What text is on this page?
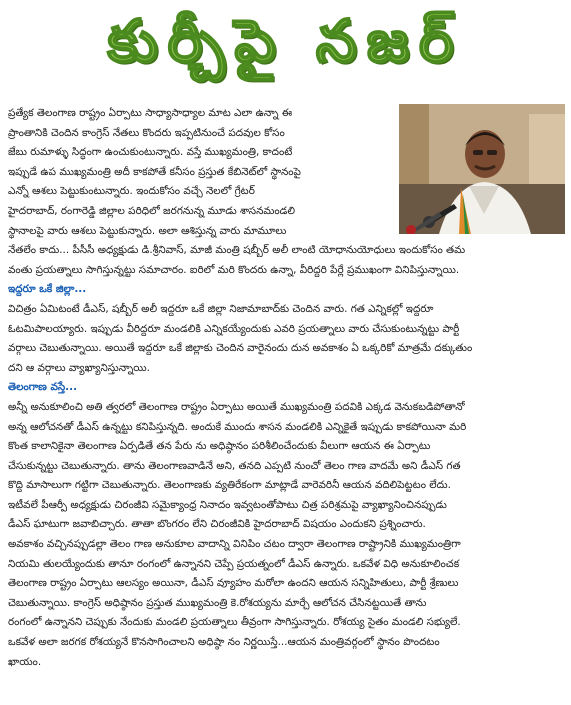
కుర్చీపై నజర్
ప్రత్యేక తెలంగాణ రాష్ట్రం ఏర్పాటు సాధ్యాసాధ్యాల మాట ఎలా ఉన్నా ఈ
ప్రాంతానికి చెందిన కాంగ్రెస్ నేతలు కొందరు ఇప్పటినుంచే పదవుల కోసం
జేబు రుమాళ్ళు సిద్ధంగా ఉంచుకుంటున్నారు. వస్తే ముఖ్యమంత్రి, కాదంటే
ఇప్పుడే ఉప ముఖ్యమంత్రి అదీ కాకపోతే కనీసం ప్రస్తుత కేబినెట్‌లో స్థానంపై
ఎన్నో ఆశలు పెట్టుకుంటున్నారు. ఇందుకోసం వచ్చే నెలలో గ్రేటర్
హైదరాబాద్, రంగారెడ్డి జిల్లాల పరిధిలో జరగనున్న మూడు శాసనమండలి
స్థానాలపై వారు ఆశలు పెట్టుకున్నారు. అలా ఆశిస్తున్న వారు మామూలు
నేతలేం కాదు... పీసీసీ అధ్యక్షుడు డి.శ్రీనివాస్, మాజీ మంత్రి షబ్బీర్ అలీ లాంటి యోధానుయోధులు ఇందుకోసం తమ
వంతు ప్రయత్నాలు సాగిస్తున్నట్టు సమాచారం. ఐరిలో మరి కొందరు ఉన్నా, వీరిద్దరి పేర్లే ప్రముఖంగా వినిపిస్తున్నాయి.
ఇద్దరూ ఒకే జిల్లా...
విచిత్రం ఏమిటంటే డీఎస్, షబ్బీర్ అలీ ఇద్దరూ ఒకే జిల్లా నిజామాబాద్‌కు చెందిన వారు. గత ఎన్నికల్లో ఇద్దరూ
ఓటమిపాలయ్యారు. ఇప్పుడు వీరిద్దరూ మండలికి ఎన్నికయ్యేందుకు ఎవరి ప్రయత్నాలు వారు చేసుకుంటున్నట్టు పార్టీ
వర్గాలు చెబుతున్నాయి. అయితే ఇద్దరూ ఒకే జిల్లాకు చెందిన వారైనందు దున అవకాశం ఏ ఒక్కరికో మాత్రమే దక్కుతుం
దని ఆ వర్గాలు వ్యాఖ్యానిస్తున్నాయి.
తెలంగాణ వస్తే...
అన్నీ అనుకూలించి అతి త్వరలో తెలంగాణ రాష్ట్రం ఏర్పాటు అయితే ముఖ్యమంత్రి పదవికి ఎక్కడ వెనుకబడిపోతానో
అన్న ఆలోచనతో డీఎస్ ఉన్నట్టు కనిపిస్తున్నది. అందుకే ముందు శాసన మండలికి ఎన్నికైతే ఇప్పుడు కాకపోయినా మరి
కొంత కాలానికైనా తెలంగాణ ఏర్పడితే తన పేరు ను అధిష్ఠానం పరిశీలించేందుకు వీలుగా ఆయన ఈ ఏర్పాటు
చేసుకున్నట్టు చెబుతున్నారు. తాను తెలంగాణవాడినే అని, తనది ఎప్పటి నుంచో తెలం గాణ వాదమే అని డీఎస్ గత
కొద్ది మాసాలుగా గట్టిగా చెబుతున్నారు. తెలంగాణకు వ్యతిరేకంగా మాట్లాడే వారెవరినీ ఆయన వదిలిపెట్టటం లేదు.
ఇటీవలే పీఆర్పీ అధ్యక్షుడు చిరంజీవి సమైక్యాంధ్ర నినాదం ఇవ్వటంతోపాటు చిత్ర పరిశ్రమపై వ్యాఖ్యానించినప్పుడు
డీఎస్ ఘాటుగా జవాబిచ్చారు. తాతా బొంగరం లేని చిరంజీవికి హైదరాబాద్ విషయం ఎందుకని ప్రశ్నించారు.
అవకాశం వచ్చినప్పుడల్లా తెలం గాణ అనుకూల వాదాన్ని వినిపిం చటం ద్వారా తెలంగాణ రాష్ట్రానికి ముఖ్యమంత్రిగా
నియమి తులయ్యేందుకు తానూ రంగంలో ఉన్నానని చెప్పే ప్రయత్నంలో డీఎస్ ఉన్నారు. ఒకవేళ విధి అనుకూలించక
తెలంగాణ రాష్ట్రం ఏర్పాటు ఆలస్యం అయినా, డీఎస్ వ్యూహం మరోలా ఉందని ఆయన సన్నిహితులు, పార్టీ శ్రేణులు
చెబుతున్నాయి. కాంగ్రెస్ అధిష్ఠానం ప్రస్తుత ముఖ్యమంత్రి కె.రోశయ్యను మార్చే ఆలోచన చేసినట్టయితే తాను
రంగంలో ఉన్నానని చెప్పుకు నేందుకు మండలి ప్రయత్నాలు తీవ్రంగా సాగిస్తున్నారు. రోశయ్య సైతం మండలి సభ్యులే.
ఒకవేళ అలా జరగక రోశయ్యనే కొనసాగించాలని అధిష్ఠా నం నిర్ణయిస్తే...ఆయన మంత్రివర్గంలో స్థానం పొందటం
ఖాయం.
